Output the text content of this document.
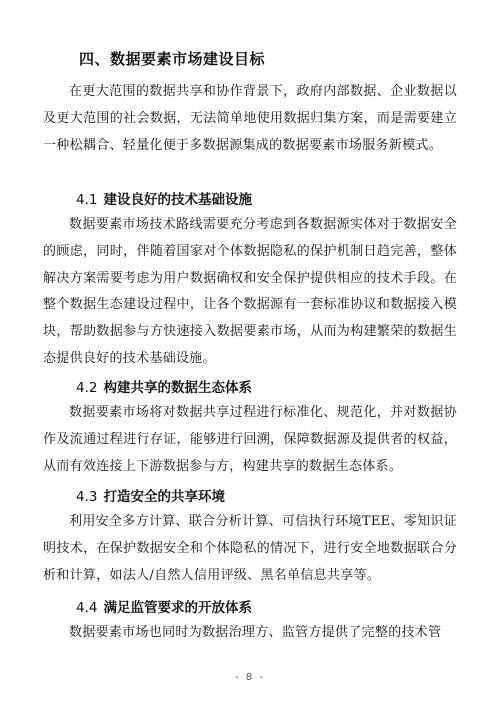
四、数据要素市场建设目标
在更大范围的数据共享和协作背景下，政府内部数据、企业数据以及更大范围的社会数据，无法简单地使用数据归集方案，而是需要建立一种松耦合、轻量化便于多数据源集成的数据要素市场服务新模式。
4.1 建设良好的技术基础设施
数据要素市场技术路线需要充分考虑到各数据源实体对于数据安全的顾虑，同时，伴随着国家对个体数据隐私的保护机制日趋完善，整体解决方案需要考虑为用户数据确权和安全保护提供相应的技术手段。在整个数据生态建设过程中，让各个数据源有一套标准协议和数据接入模块，帮助数据参与方快速接入数据要素市场，从而为构建繁荣的数据生态提供良好的技术基础设施。
4.2 构建共享的数据生态体系
数据要素市场将对数据共享过程进行标准化、规范化，并对数据协作及流通过程进行存证，能够进行回溯，保障数据源及提供者的权益，从而有效连接上下游数据参与方，构建共享的数据生态体系。
4.3 打造安全的共享环境
利用安全多方计算、联合分析计算、可信执行环境TEE、零知识证明技术，在保护数据安全和个体隐私的情况下，进行安全地数据联合分析和计算，如法人/自然人信用评级、黑名单信息共享等。
4.4 满足监管要求的开放体系
数据要素市场也同时为数据治理方、监管方提供了完整的技术管
- 8 -
